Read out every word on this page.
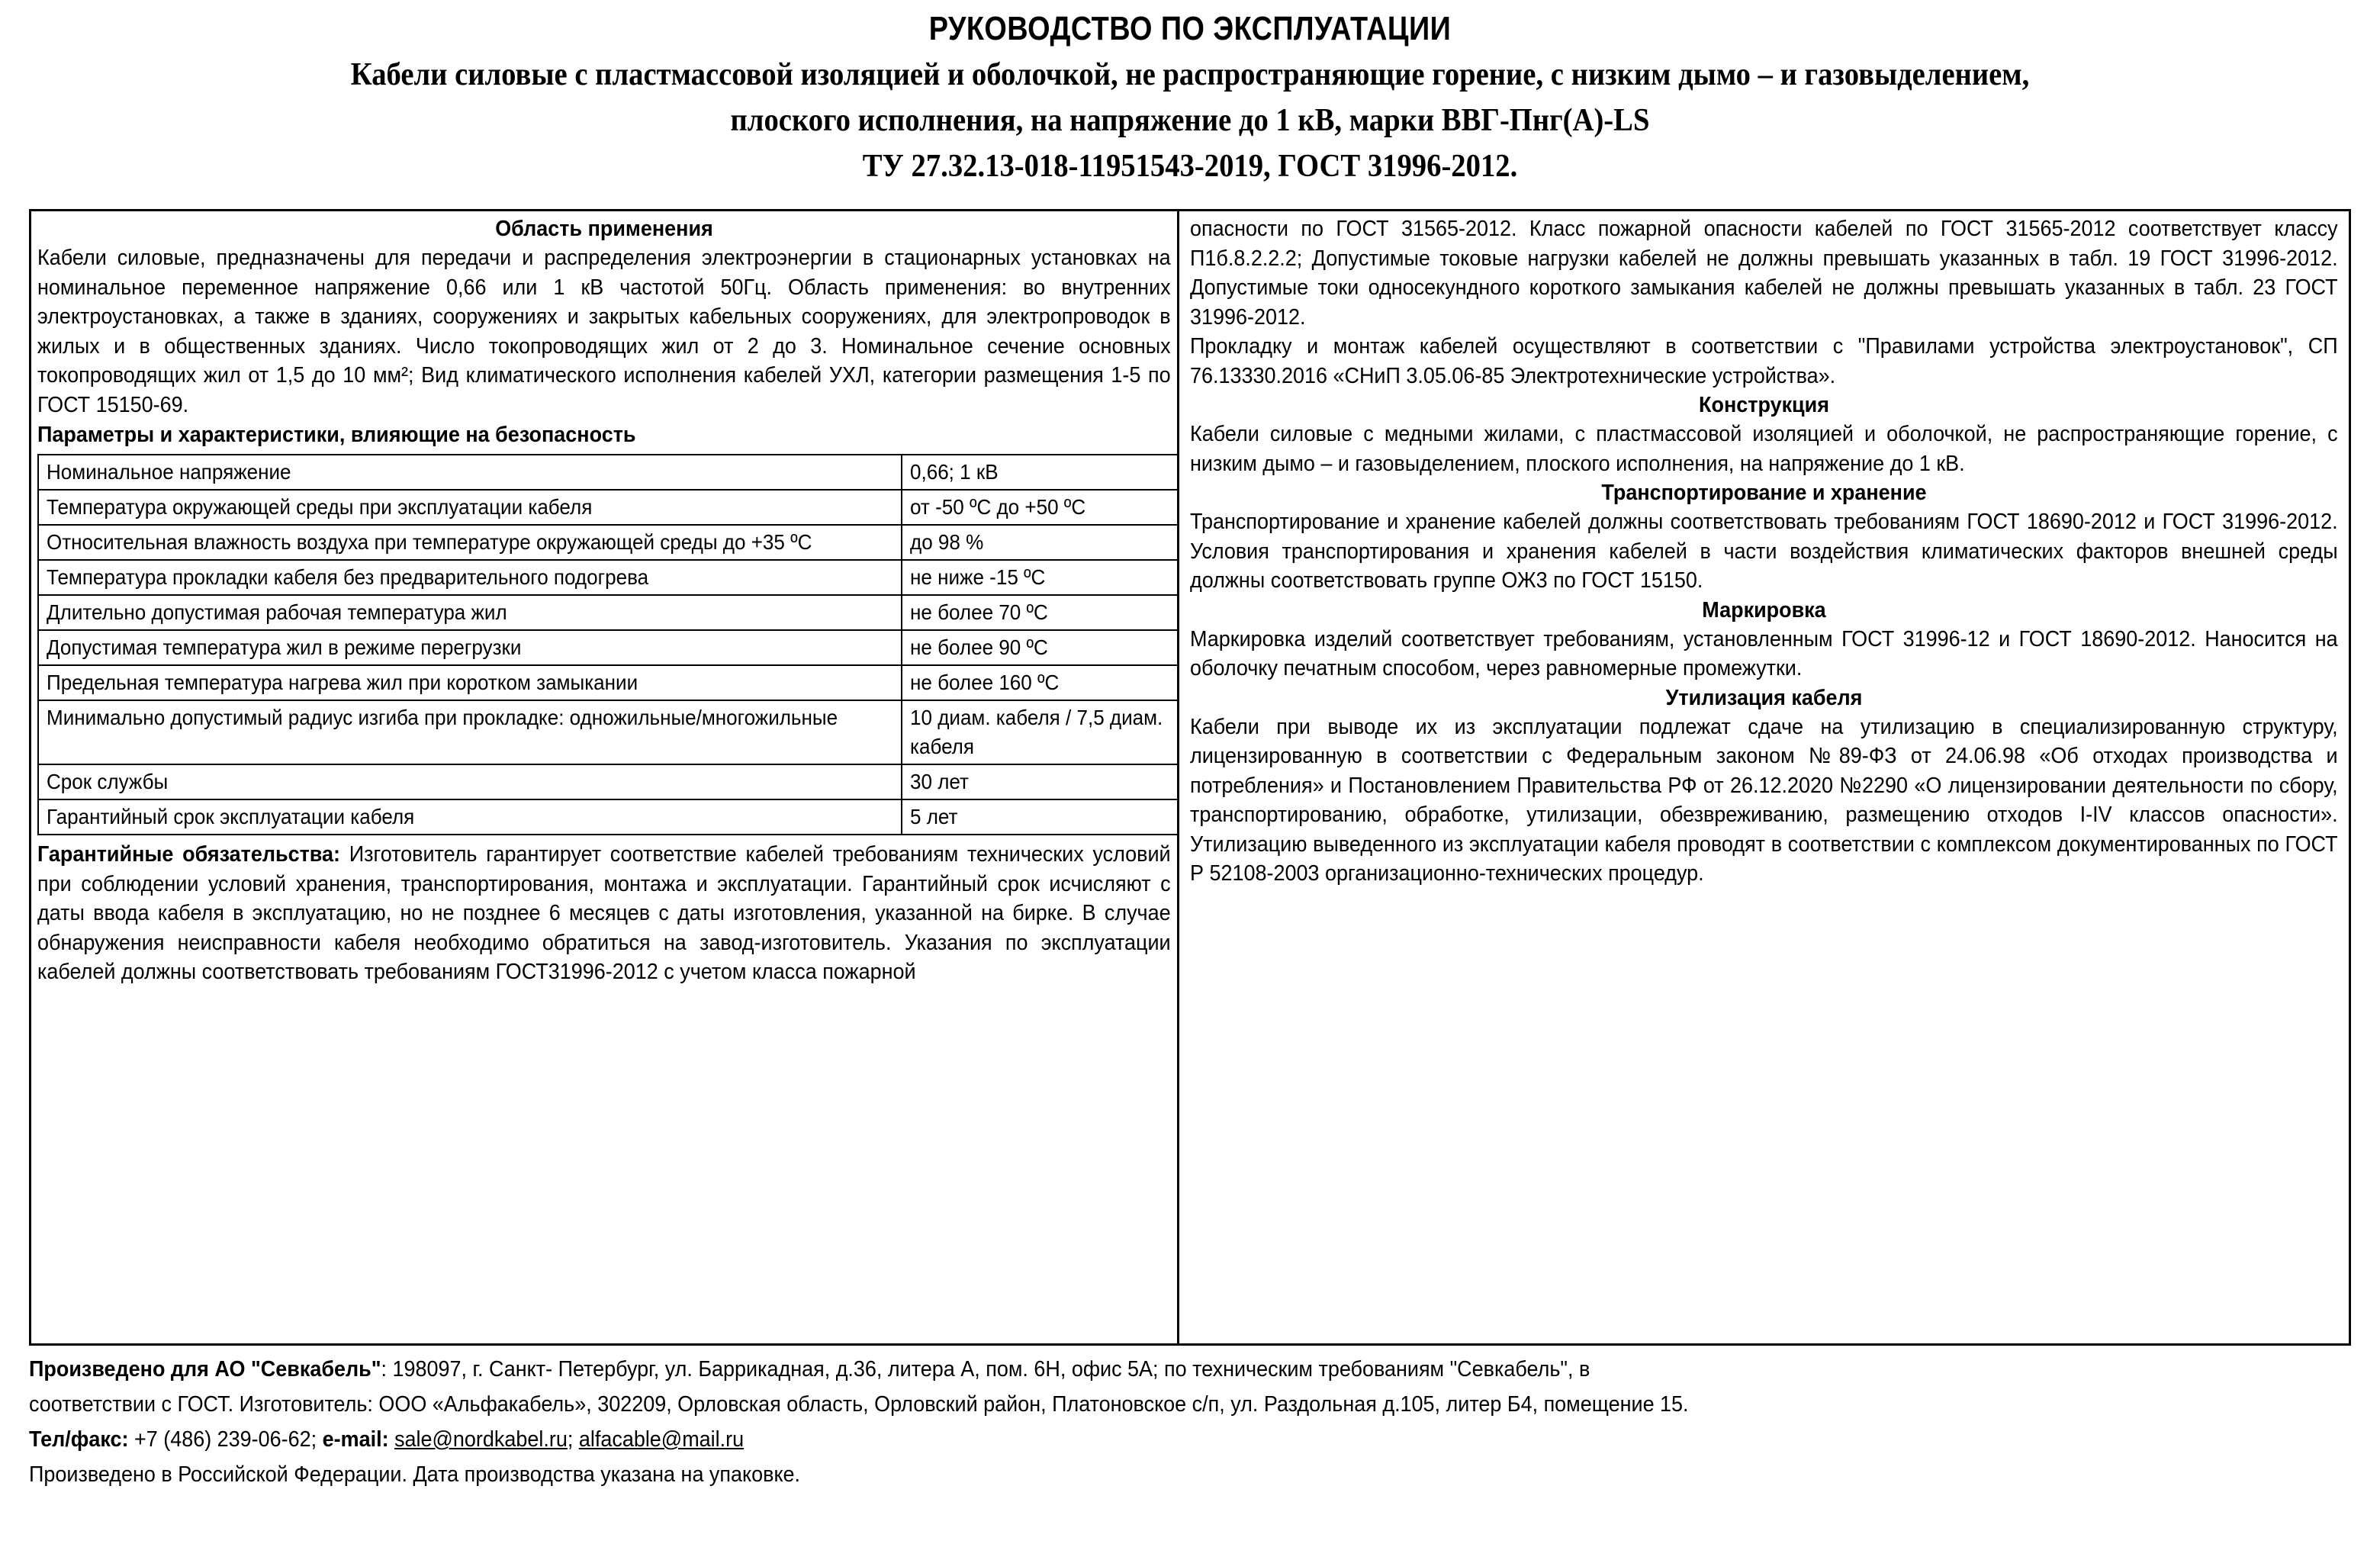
РУКОВОДСТВО ПО ЭКСПЛУАТАЦИИ
Кабели силовые с пластмассовой изоляцией и оболочкой, не распространяющие горение, с низким дымо – и газовыделением,
плоского исполнения, на напряжение до 1 кВ, марки ВВГ-Пнг(А)-LS
ТУ 27.32.13-018-11951543-2019, ГОСТ 31996-2012.
Область применения
Кабели силовые, предназначены для передачи и распределения электроэнергии в стационарных установках на номинальное переменное напряжение 0,66 или 1 кВ частотой 50Гц. Область применения: во внутренних электроустановках, а также в зданиях, сооружениях и закрытых кабельных сооружениях, для электропроводок в жилых и в общественных зданиях. Число токопроводящих жил от 2 до 3. Номинальное сечение основных токопроводящих жил от 1,5 до 10 мм²; Вид климатического исполнения кабелей УХЛ, категории размещения 1-5 по ГОСТ 15150-69.
Параметры и характеристики, влияющие на безопасность
Номинальное напряжение	0,66; 1 кВ

Температура окружающей среды при эксплуатации кабеля	от -50 ºС до +50 ºС

Относительная влажность воздуха при температуре окружающей среды до +35 ºС	до 98 %

Температура прокладки кабеля без предварительного подогрева	не ниже -15 ºС

Длительно допустимая рабочая температура жил	не более 70 ºС

Допустимая температура жил в режиме перегрузки	не более 90 ºС

Предельная температура нагрева жил при коротком замыкании	не более 160 ºС

Минимально допустимый радиус изгиба при прокладке: одножильные/многожильные	10 диам. кабеля / 7,5 диам. кабеля

Срок службы	30 лет

Гарантийный срок эксплуатации кабеля	5 лет
Гарантийные обязательства: Изготовитель гарантирует соответствие кабелей требованиям технических условий при соблюдении условий хранения, транспортирования, монтажа и эксплуатации. Гарантийный срок исчисляют с даты ввода кабеля в эксплуатацию, но не позднее 6 месяцев с даты изготовления, указанной на бирке. В случае обнаружения неисправности кабеля необходимо обратиться на завод-изготовитель. Указания по эксплуатации кабелей должны соответствовать требованиям ГОСТ31996-2012 с учетом класса пожарной
опасности по ГОСТ 31565-2012. Класс пожарной опасности кабелей по ГОСТ 31565-2012 соответствует классу П1б.8.2.2.2; Допустимые токовые нагрузки кабелей не должны превышать указанных в табл. 19 ГОСТ 31996-2012. Допустимые токи односекундного короткого замыкания кабелей не должны превышать указанных в табл. 23 ГОСТ 31996-2012.
Прокладку и монтаж кабелей осуществляют в соответствии с "Правилами устройства электроустановок", СП 76.13330.2016 «СНиП 3.05.06-85 Электротехнические устройства».
Конструкция
Кабели силовые с медными жилами, с пластмассовой изоляцией и оболочкой, не распространяющие горение, с низким дымо – и газовыделением, плоского исполнения, на напряжение до 1 кВ.
Транспортирование и хранение
Транспортирование и хранение кабелей должны соответствовать требованиям ГОСТ 18690-2012 и ГОСТ 31996-2012. Условия транспортирования и хранения кабелей в части воздействия климатических факторов внешней среды должны соответствовать группе ОЖ3 по ГОСТ 15150.
Маркировка
Маркировка изделий соответствует требованиям, установленным ГОСТ 31996-12 и ГОСТ 18690-2012. Наносится на оболочку печатным способом, через равномерные промежутки.
Утилизация кабеля
Кабели при выводе их из эксплуатации подлежат сдаче на утилизацию в специализированную структуру, лицензированную в соответствии с Федеральным законом №89-ФЗ от 24.06.98 «Об отходах производства и потребления» и Постановлением Правительства РФ от 26.12.2020 №2290 «О лицензировании деятельности по сбору, транспортированию, обработке, утилизации, обезвреживанию, размещению отходов I-IV классов опасности». Утилизацию выведенного из эксплуатации кабеля проводят в соответствии с комплексом документированных по ГОСТ Р 52108-2003 организационно-технических процедур.
Произведено для АО "Севкабель": 198097, г. Санкт- Петербург, ул. Баррикадная, д.36, литера А, пом. 6Н, офис 5А; по техническим требованиям "Севкабель", в
соответствии с ГОСТ. Изготовитель: ООО «Альфакабель», 302209, Орловская область, Орловский район, Платоновское с/п, ул. Раздольная д.105, литер Б4, помещение 15.
Тел/факс: +7 (486) 239-06-62; e-mail: sale@nordkabel.ru; alfacable@mail.ru
Произведено в Российской Федерации. Дата производства указана на упаковке.
